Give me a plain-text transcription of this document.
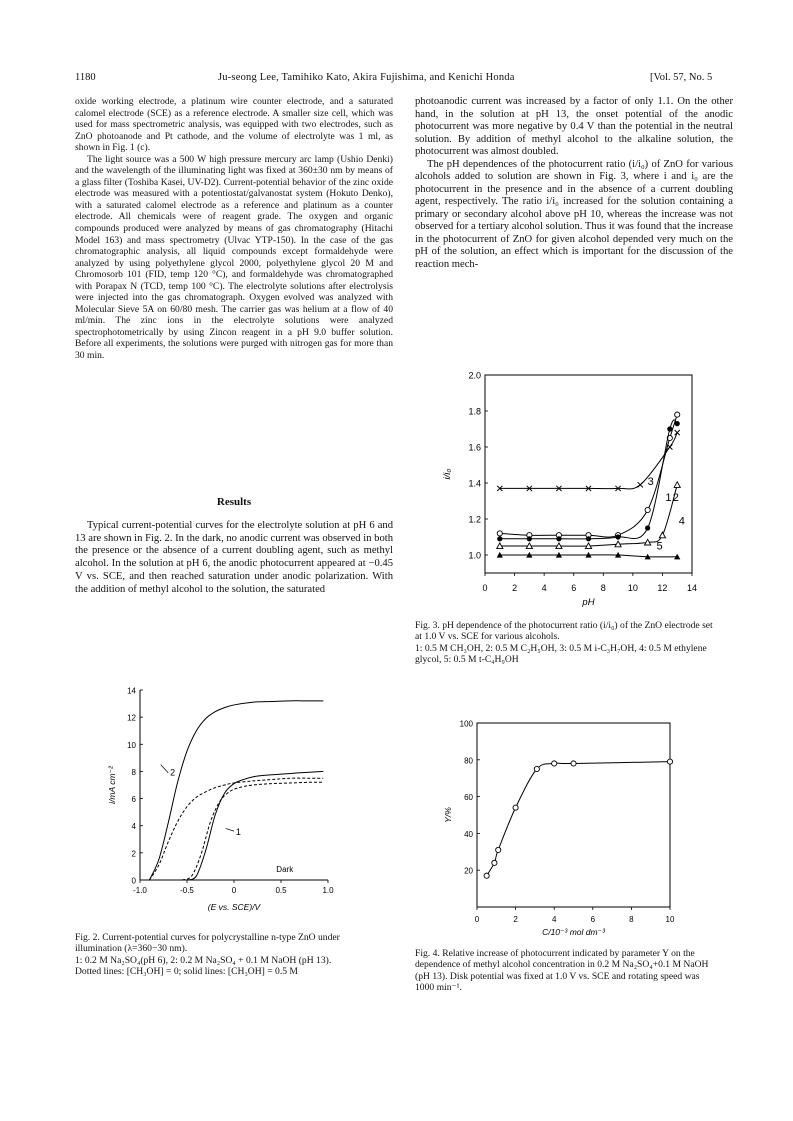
1180	Ju-seong Lee, Tamihiko Kato, Akira Fujishima, and Kenichi Honda	[Vol. 57, No. 5

oxide working electrode, a platinum wire counter electrode, and a saturated calomel electrode (SCE) as a reference electrode. A smaller size cell, which was used for mass spectrometric analysis, was equipped with two electrodes, such as ZnO photoanode and Pt cathode, and the volume of electrolyte was 1 ml, as shown in Fig. 1 (c).

The light source was a 500 W high pressure mercury arc lamp (Ushio Denki) and the wavelength of the illuminating light was fixed at 360±30 nm by means of a glass filter (Toshiba Kasei, UV-D2). Current-potential behavior of the zinc oxide electrode was measured with a potentiostat/galvanostat system (Hokuto Denko), with a saturated calomel electrode as a reference and platinum as a counter electrode. All chemicals were of reagent grade. The oxygen and organic compounds produced were analyzed by means of gas chromatography (Hitachi Model 163) and mass spectrometry (Ulvac YTP-150). In the case of the gas chromatographic analysis, all liquid compounds except formaldehyde were analyzed by using polyethylene glycol 2000, polyethylene glycol 20 M and Chromosorb 101 (FID, temp 120 °C), and formaldehyde was chromatographed with Porapax N (TCD, temp 100 °C). The electrolyte solutions after electrolysis were injected into the gas chromatograph. Oxygen evolved was analyzed with Molecular Sieve 5A on 60/80 mesh. The carrier gas was helium at a flow of 40 ml/min. The zinc ions in the electrolyte solutions were analyzed spectrophotometrically by using Zincon reagent in a pH 9.0 buffer solution. Before all experiments, the solutions were purged with nitrogen gas for more than 30 min.

Results

Typical current-potential curves for the electrolyte solution at pH 6 and 13 are shown in Fig. 2. In the dark, no anodic current was observed in both the presence or the absence of a current doubling agent, such as methyl alcohol. In the solution at pH 6, the anodic photocurrent appeared at −0.45 V vs. SCE, and then reached saturation under anodic polarization. With the addition of methyl alcohol to the solution, the saturated

photoanodic current was increased by a factor of only 1.1. On the other hand, in the solution at pH 13, the onset potential of the anodic photocurrent was more negative by 0.4 V than the potential in the neutral solution. By addition of methyl alcohol to the alkaline solution, the photocurrent was almost doubled.

The pH dependences of the photocurrent ratio (i/i₀) of ZnO for various alcohols added to solution are shown in Fig. 3, where i and i₀ are the photocurrent in the presence and in the absence of a current doubling agent, respectively. The ratio i/i₀ increased for the solution containing a primary or secondary alcohol above pH 10, whereas the increase was not observed for a tertiary alcohol solution. Thus it was found that the increase in the photocurrent of ZnO for given alcohol depended very much on the pH of the solution, an effect which is important for the discussion of the reaction mech-

-1.0	-0.5	0	0.5	1.0
0
2
4
6
8
10
12
14
(E vs. SCE)/V
i/mA cm⁻²	2
1
Dark
0	2	4	6	8 10 12 14
1.0
1.2
1.4
1.6
1.8
2.0
pH
i/i₀
1 2
3
4
5
0	2	4	6	8	10
20
40
60
80
100
C/10⁻³ mol dm⁻³
Y/%
Fig. 2. Current-potential curves for polycrystalline n-type ZnO under illumination (λ=360−30 nm).
1: 0.2 M Na₂SO₄(pH 6), 2: 0.2 M Na₂SO₄ + 0.1 M NaOH (pH 13).
Dotted lines: [CH₃OH] = 0; solid lines: [CH₃OH] = 0.5 M
Fig. 3. pH dependence of the photocurrent ratio (i/i₀) of the ZnO electrode set at 1.0 V vs. SCE for various alcohols.
1: 0.5 M CH₃OH, 2: 0.5 M C₂H₅OH, 3: 0.5 M i-C₃H₇OH, 4: 0.5 M ethylene glycol, 5: 0.5 M t-C₄H₉OH
Fig. 4. Relative increase of photocurrent indicated by parameter Y on the dependence of methyl alcohol concentration in 0.2 M Na₂SO₄+0.1 M NaOH (pH 13). Disk potential was fixed at 1.0 V vs. SCE and rotating speed was 1000 min⁻¹.
